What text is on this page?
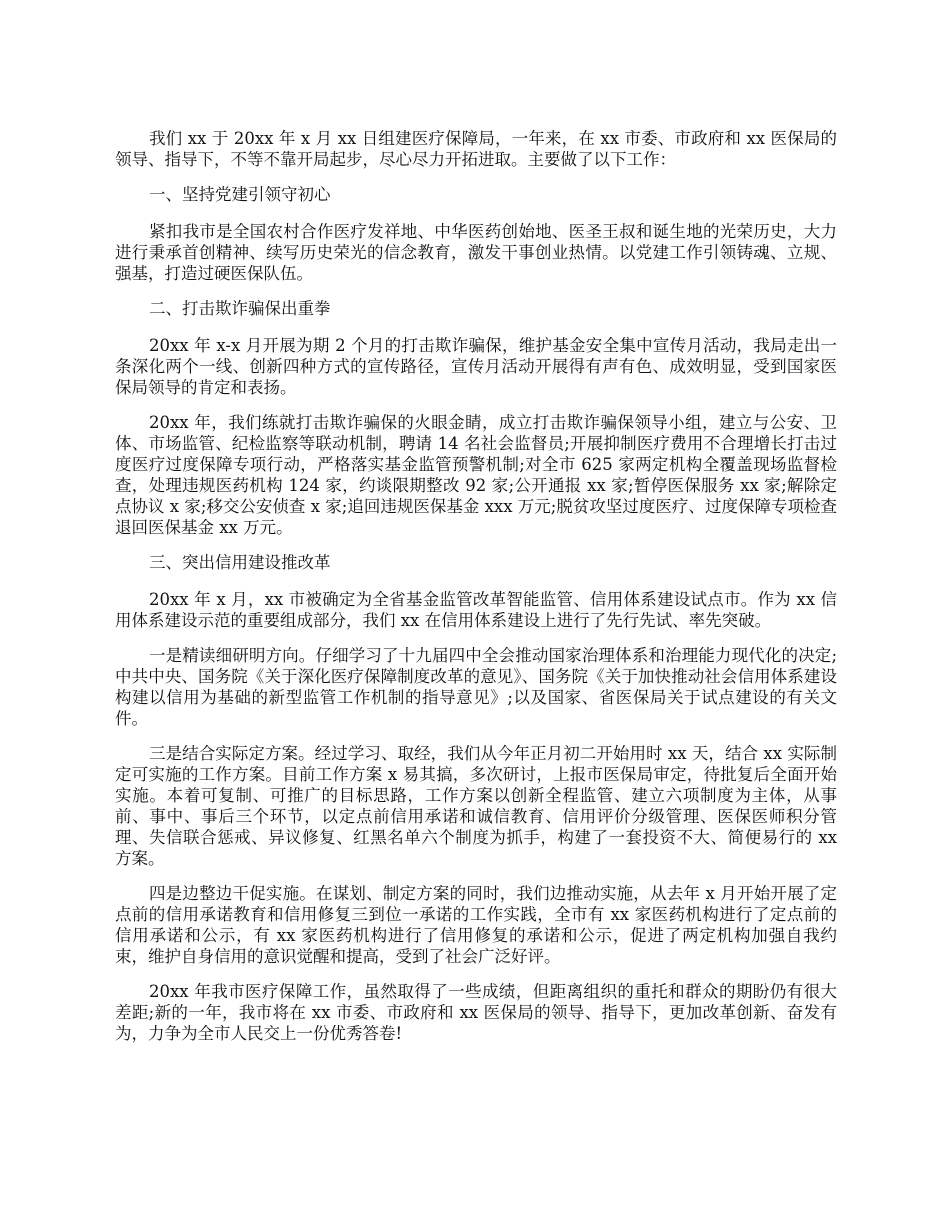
我们 xx 于 20xx 年 x 月 xx 日组建医疗保障局，一年来，在 xx 市委、市政府和 xx 医保局的领导、指导下，不等不靠开局起步，尽心尽力开拓进取。主要做了以下工作：

一、坚持党建引领守初心

紧扣我市是全国农村合作医疗发祥地、中华医药创始地、医圣王叔和诞生地的光荣历史，大力进行秉承首创精神、续写历史荣光的信念教育，激发干事创业热情。以党建工作引领铸魂、立规、强基，打造过硬医保队伍。

二、打击欺诈骗保出重拳

20xx 年 x-x 月开展为期 2 个月的打击欺诈骗保，维护基金安全集中宣传月活动，我局走出一条深化两个一线、创新四种方式的宣传路径，宣传月活动开展得有声有色、成效明显，受到国家医保局领导的肯定和表扬。

20xx 年，我们练就打击欺诈骗保的火眼金睛，成立打击欺诈骗保领导小组，建立与公安、卫体、市场监管、纪检监察等联动机制，聘请 14 名社会监督员;开展抑制医疗费用不合理增长打击过度医疗过度保障专项行动，严格落实基金监管预警机制;对全市 625 家两定机构全覆盖现场监督检查，处理违规医药机构 124 家，约谈限期整改 92 家;公开通报 xx 家;暂停医保服务 xx 家;解除定点协议 x 家;移交公安侦查 x 家;追回违规医保基金 xxx 万元;脱贫攻坚过度医疗、过度保障专项检查退回医保基金 xx 万元。

三、突出信用建设推改革

20xx 年 x 月，xx 市被确定为全省基金监管改革智能监管、信用体系建设试点市。作为 xx 信用体系建设示范的重要组成部分，我们 xx 在信用体系建设上进行了先行先试、率先突破。

一是精读细研明方向。仔细学习了十九届四中全会推动国家治理体系和治理能力现代化的决定;中共中央、国务院《关于深化医疗保障制度改革的意见》、国务院《关于加快推动社会信用体系建设构建以信用为基础的新型监管工作机制的指导意见》;以及国家、省医保局关于试点建设的有关文件。

三是结合实际定方案。经过学习、取经，我们从今年正月初二开始用时 xx 天，结合 xx 实际制定可实施的工作方案。目前工作方案 x 易其搞，多次研讨，上报市医保局审定，待批复后全面开始实施。本着可复制、可推广的目标思路，工作方案以创新全程监管、建立六项制度为主体，从事前、事中、事后三个环节，以定点前信用承诺和诚信教育、信用评价分级管理、医保医师积分管理、失信联合惩戒、异议修复、红黑名单六个制度为抓手，构建了一套投资不大、简便易行的 xx 方案。

四是边整边干促实施。在谋划、制定方案的同时，我们边推动实施，从去年 x 月开始开展了定点前的信用承诺教育和信用修复三到位一承诺的工作实践，全市有 xx 家医药机构进行了定点前的信用承诺和公示，有 xx 家医药机构进行了信用修复的承诺和公示，促进了两定机构加强自我约束，维护自身信用的意识觉醒和提高，受到了社会广泛好评。

20xx 年我市医疗保障工作，虽然取得了一些成绩，但距离组织的重托和群众的期盼仍有很大差距;新的一年，我市将在 xx 市委、市政府和 xx 医保局的领导、指导下，更加改革创新、奋发有为，力争为全市人民交上一份优秀答卷!
